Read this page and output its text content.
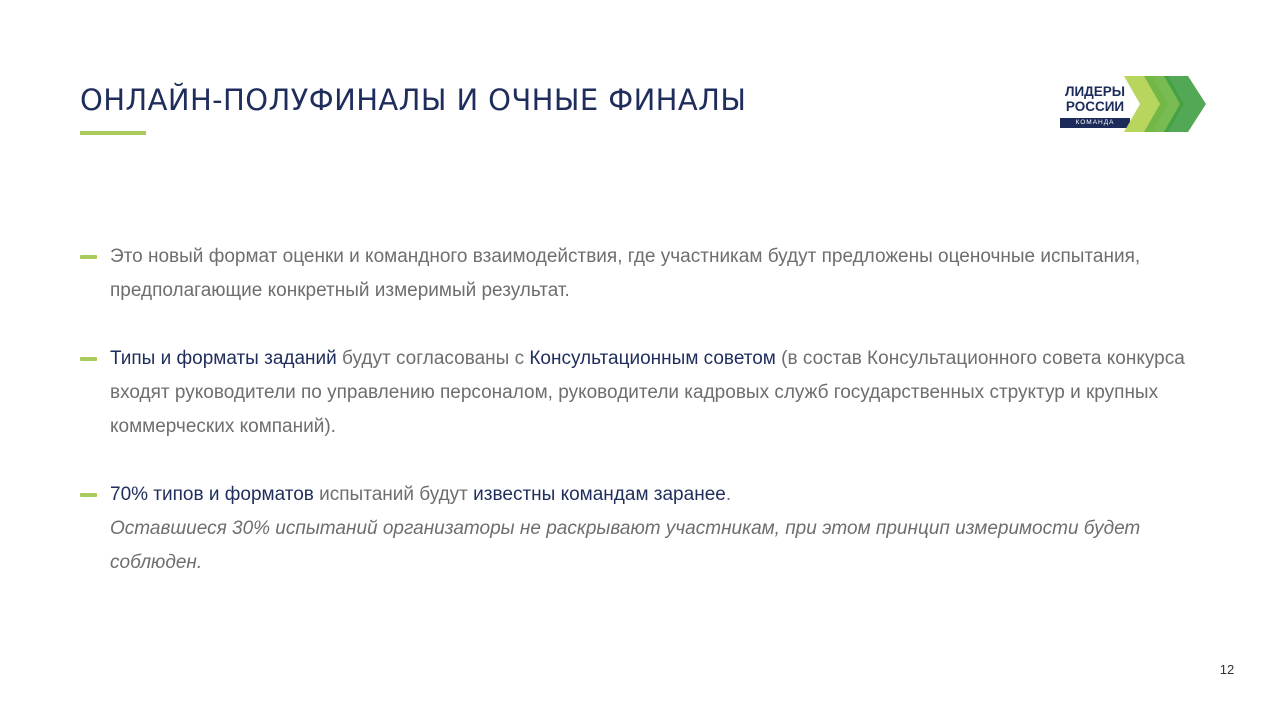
ОНЛАЙН-ПОЛУФИНАЛЫ И ОЧНЫЕ ФИНАЛЫ	ЛИДЕРЫ
РОССИИ
КОМАНДА
Это новый формат оценки и командного взаимодействия, где участникам будут предложены оценочные испытания, предполагающие конкретный измеримый результат.
Типы и форматы заданий будут согласованы с Консультационным советом (в состав Консультационного совета конкурса входят руководители по управлению персоналом, руководители кадровых служб государственных структур и крупных коммерческих компаний).
70% типов и форматов испытаний будут известны командам заранее.
Оставшиеся 30% испытаний организаторы не раскрывают участникам, при этом принцип измеримости будет соблюден.
12
